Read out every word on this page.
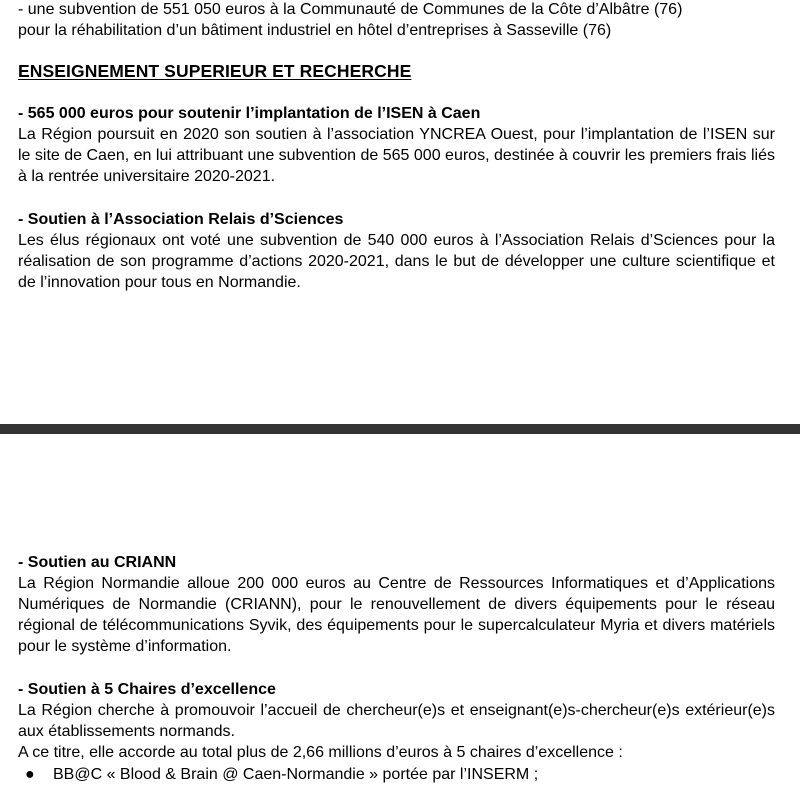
- une subvention de 551 050 euros à la Communauté de Communes de la Côte d’Albâtre (76)
pour la réhabilitation d’un bâtiment industriel en hôtel d’entreprises à Sasseville (76)
ENSEIGNEMENT SUPERIEUR ET RECHERCHE
- 565 000 euros pour soutenir l’implantation de l’ISEN à Caen

La Région poursuit en 2020 son soutien à l’association YNCREA Ouest, pour l’implantation de l’ISEN sur le site de Caen, en lui attribuant une subvention de 565 000 euros, destinée à couvrir les premiers frais liés à la rentrée universitaire 2020-2021.

- Soutien à l’Association Relais d’Sciences

Les élus régionaux ont voté une subvention de 540 000 euros à l’Association Relais d’Sciences pour la réalisation de son programme d’actions 2020-2021, dans le but de développer une culture scientifique et de l’innovation pour tous en Normandie.

- Soutien au CRIANN

La Région Normandie alloue 200 000 euros au Centre de Ressources Informatiques et d’Applications Numériques de Normandie (CRIANN), pour le renouvellement de divers équipements pour le réseau régional de télécommunications Syvik, des équipements pour le supercalculateur Myria et divers matériels pour le système d’information.

- Soutien à 5 Chaires d’excellence

La Région cherche à promouvoir l’accueil de chercheur(e)s et enseignant(e)s-chercheur(e)s extérieur(e)s aux établissements normands.

A ce titre, elle accorde au total plus de 2,66 millions d’euros à 5 chaires d’excellence :
● BB@C « Blood & Brain @ Caen-Normandie » portée par l’INSERM ;
